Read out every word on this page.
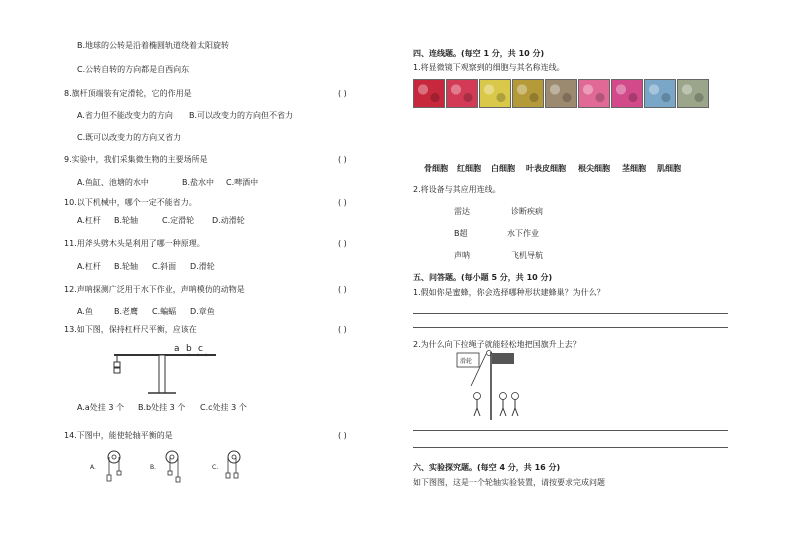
B.地球的公转是沿着椭圆轨道绕着太阳旋转
C.公转自转的方向都是自西向东
8.旗杆顶端装有定滑轮，它的作用是	( )
A.省力但不能改变力的方向 B.可以改变力的方向但不省力
C.既可以改变力的方向又省力
9.实验中，我们采集微生物的主要场所是	( )
A.鱼缸、池塘的水中	B.盐水中 C.啤酒中
10.以下机械中，哪个一定不能省力。	( )
A.杠杆 B.轮轴	C.定滑轮 D.动滑轮
11.用斧头劈木头是利用了哪一种原理。	( )
A.杠杆 B.轮轴 C.斜面 D.滑轮
12.声呐探测广泛用于水下作业，声呐模仿的动物是	( )
A.鱼	B.老鹰 C.蝙蝠 D.章鱼
13.如下图，保持杠杆尺平衡，应该在	( )
a b c
A.a处挂 3 个 B.b处挂 3 个 C.c处挂 3 个
14.下图中，能使轮轴平衡的是	( )
A.	B.	C.
四、连线题。(每空 1 分，共 10 分)
1.将显微镜下观察到的细胞与其名称连线。
骨细胞 红细胞 白细胞 叶表皮细胞 根尖细胞 茎细胞 肌细胞
2.将设备与其应用连线。
雷达	诊断疾病
B超	水下作业
声呐	飞机导航
五、问答题。(每小题 5 分，共 10 分)
1.假如你是蜜蜂，你会选择哪种形状建蜂巢？为什么？
2.为什么向下拉绳子就能轻松地把国旗升上去？
滑轮
六、实验探究题。(每空 4 分，共 16 分)
如下图图，这是一个轮轴实验装置，请按要求完成问题
